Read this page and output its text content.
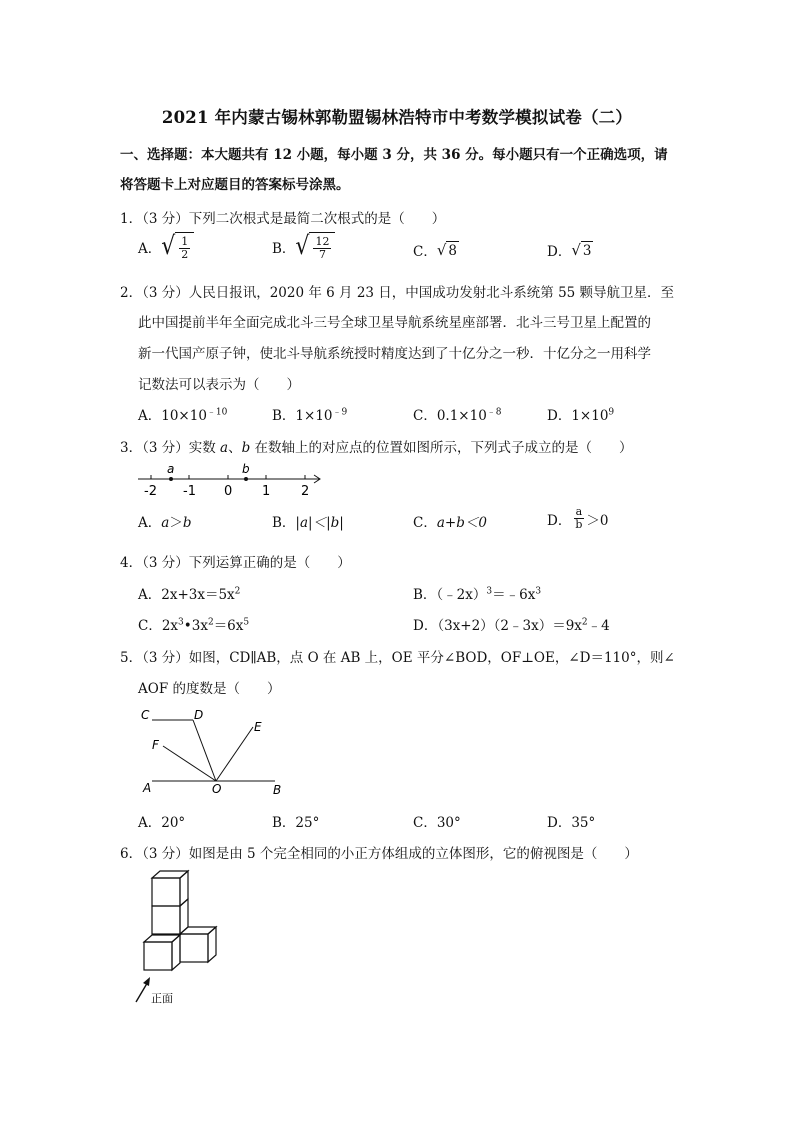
2021 年内蒙古锡林郭勒盟锡林浩特市中考数学模拟试卷（二）
一、选择题：本大题共有 12 小题，每小题 3 分，共 36 分。每小题只有一个正确选项，请
将答题卡上对应题目的答案标号涂黑。
1．（3 分）下列二次根式是最简二次根式的是（　　）
A． √ $\frac{1}{2}$	B． √ $\frac{12}{7}$	C． √ 8	D． √ 3
2．（3 分）人民日报讯，2020 年 6 月 23 日，中国成功发射北斗系统第 55 颗导航卫星．至
此中国提前半年全面完成北斗三号全球卫星导航系统星座部署．北斗三号卫星上配置的
新一代国产原子钟，使北斗导航系统授时精度达到了十亿分之一秒．十亿分之一用科学
记数法可以表示为（　　）
A．$10\times 10^{﹣10}$	B．$1\times 10^{﹣9}$	C．$0.1\times 10^{﹣8}$	D．$1\times 10^9$
3．（3 分）实数 a、b 在数轴上的对应点的位置如图所示，下列式子成立的是（　　）
a	b
-2 -1 0 1 2
A．a＞b	B．|a|＜|b|	C．a+b＜0	D． $\frac{a}{b} >0$
4．（3 分）下列运算正确的是（　　）
A．$2x+3x=5x^2$	B．$(﹣2x)^3=﹣6x^3$
C．$2x^3•3x^2=6x^5$	D．$(3x+2)(2﹣3x)=9x^2﹣4$
5．（3 分）如图，CD∥AB，点 O 在 AB 上，OE 平分∠BOD，OF⊥OE，∠D＝110°，则∠
AOF 的度数是（　　）
C	D
E
F
A	O	B
A．20°	B．25°	C．30°	D．35°
6．（3 分）如图是由 5 个完全相同的小正方体组成的立体图形，它的俯视图是（　　）
正面
